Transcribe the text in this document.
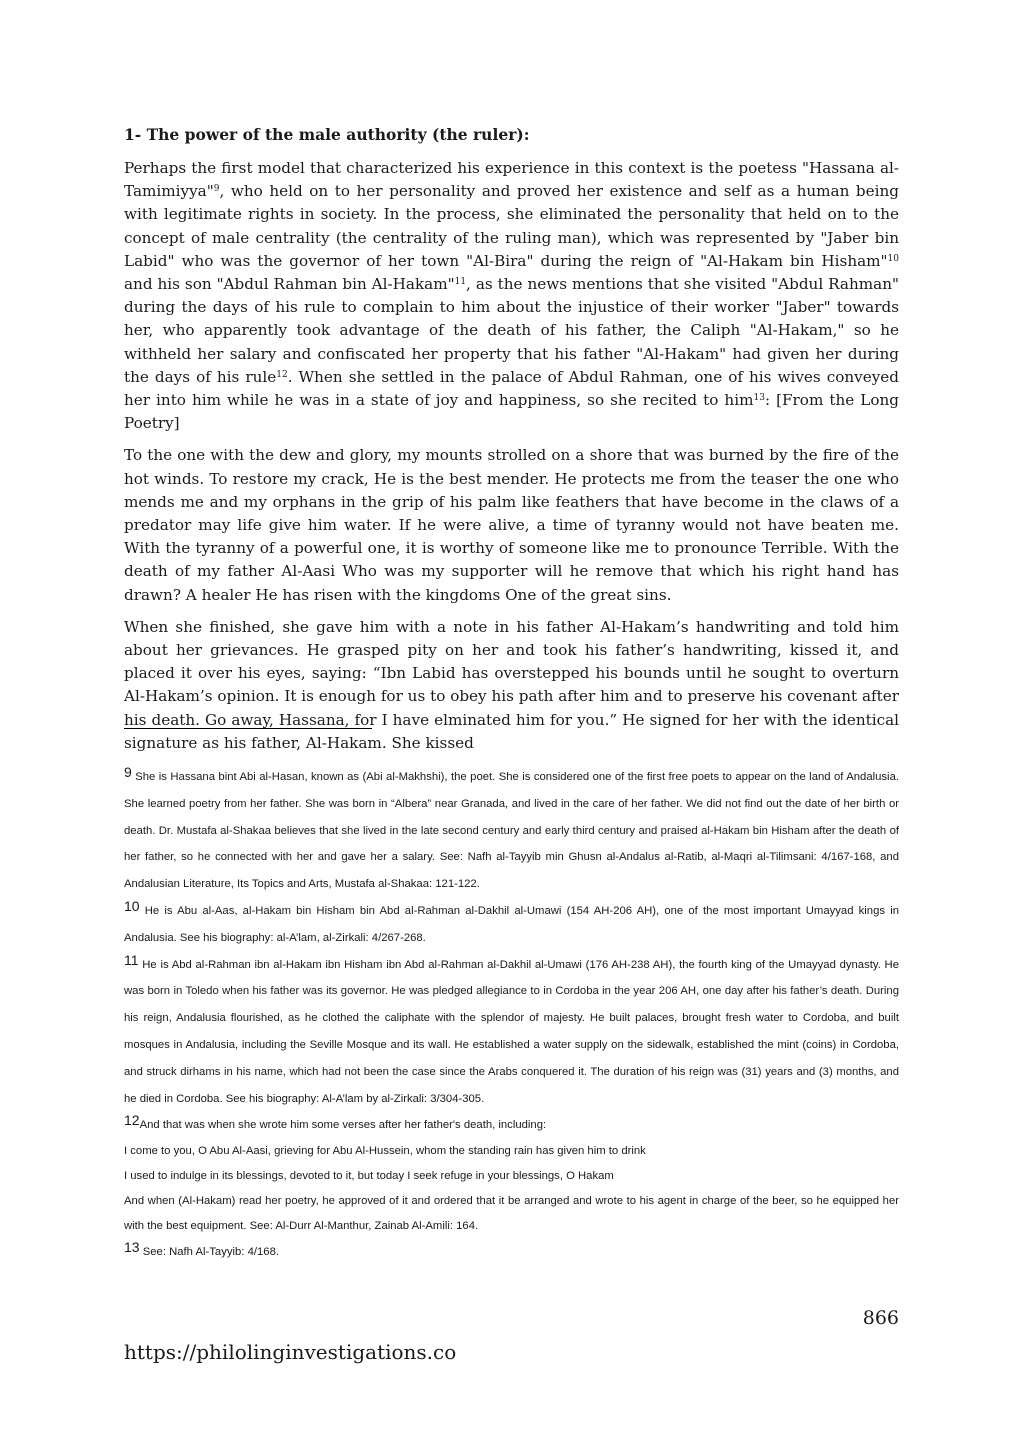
1- The power of the male authority (the ruler):

Perhaps the first model that characterized his experience in this context is the poetess "Hassana al-Tamimiyya"$^9$, who held on to her personality and proved her existence and self as a human being with legitimate rights in society. In the process, she eliminated the personality that held on to the concept of male centrality (the centrality of the ruling man), which was represented by "Jaber bin Labid" who was the governor of her town "Al-Bira" during the reign of "Al-Hakam bin Hisham"$^{10}$ and his son "Abdul Rahman bin Al-Hakam"$^{11}$, as the news mentions that she visited "Abdul Rahman" during the days of his rule to complain to him about the injustice of their worker "Jaber" towards her, who apparently took advantage of the death of his father, the Caliph "Al-Hakam," so he withheld her salary and confiscated her property that his father "Al-Hakam" had given her during the days of his rule$^{12}$. When she settled in the palace of Abdul Rahman, one of his wives conveyed her into him while he was in a state of joy and happiness, so she recited to him$^{13}$: [From the Long Poetry]

To the one with the dew and glory, my mounts strolled on a shore that was burned by the fire of the hot winds. To restore my crack, He is the best mender. He protects me from the teaser the one who mends me and my orphans in the grip of his palm like feathers that have become in the claws of a predator may life give him water. If he were alive, a time of tyranny would not have beaten me. With the tyranny of a powerful one, it is worthy of someone like me to pronounce Terrible. With the death of my father Al-Aasi Who was my supporter will he remove that which his right hand has drawn? A healer He has risen with the kingdoms One of the great sins.

When she finished, she gave him with a note in his father Al-Hakam’s handwriting and told him about her grievances. He grasped pity on her and took his father’s handwriting, kissed it, and placed it over his eyes, saying: “Ibn Labid has overstepped his bounds until he sought to overturn Al-Hakam’s opinion. It is enough for us to obey his path after him and to preserve his covenant after his death. Go away, Hassana, for I have elminated him for you.” He signed for her with the identical signature as his father, Al-Hakam. She kissed

9 She is Hassana bint Abi al-Hasan, known as (Abi al-Makhshi), the poet. She is considered one of the first free poets to appear on the land of Andalusia. She learned poetry from her father. She was born in “Albera” near Granada, and lived in the care of her father. We did not find out the date of her birth or death. Dr. Mustafa al-Shakaa believes that she lived in the late second century and early third century and praised al-Hakam bin Hisham after the death of her father, so he connected with her and gave her a salary. See: Nafh al-Tayyib min Ghusn al-Andalus al-Ratib, al-Maqri al-Tilimsani: 4/167-168, and Andalusian Literature, Its Topics and Arts, Mustafa al-Shakaa: 121-122.

10 He is Abu al-Aas, al-Hakam bin Hisham bin Abd al-Rahman al-Dakhil al-Umawi (154 AH-206 AH), one of the most important Umayyad kings in Andalusia. See his biography: al-A’lam, al-Zirkali: 4/267-268.

11 He is Abd al-Rahman ibn al-Hakam ibn Hisham ibn Abd al-Rahman al-Dakhil al-Umawi (176 AH-238 AH), the fourth king of the Umayyad dynasty. He was born in Toledo when his father was its governor. He was pledged allegiance to in Cordoba in the year 206 AH, one day after his father’s death. During his reign, Andalusia flourished, as he clothed the caliphate with the splendor of majesty. He built palaces, brought fresh water to Cordoba, and built mosques in Andalusia, including the Seville Mosque and its wall. He established a water supply on the sidewalk, established the mint (coins) in Cordoba, and struck dirhams in his name, which had not been the case since the Arabs conquered it. The duration of his reign was (31) years and (3) months, and he died in Cordoba. See his biography: Al-A’lam by al-Zirkali: 3/304-305.

12And that was when she wrote him some verses after her father's death, including:

I come to you, O Abu Al-Aasi, grieving for Abu Al-Hussein, whom the standing rain has given him to drink

I used to indulge in its blessings, devoted to it, but today I seek refuge in your blessings, O Hakam

And when (Al-Hakam) read her poetry, he approved of it and ordered that it be arranged and wrote to his agent in charge of the beer, so he equipped her with the best equipment. See: Al-Durr Al-Manthur, Zainab Al-Amili: 164.

13 See: Nafh Al-Tayyib: 4/168.

866
https://philolinginvestigations.co
